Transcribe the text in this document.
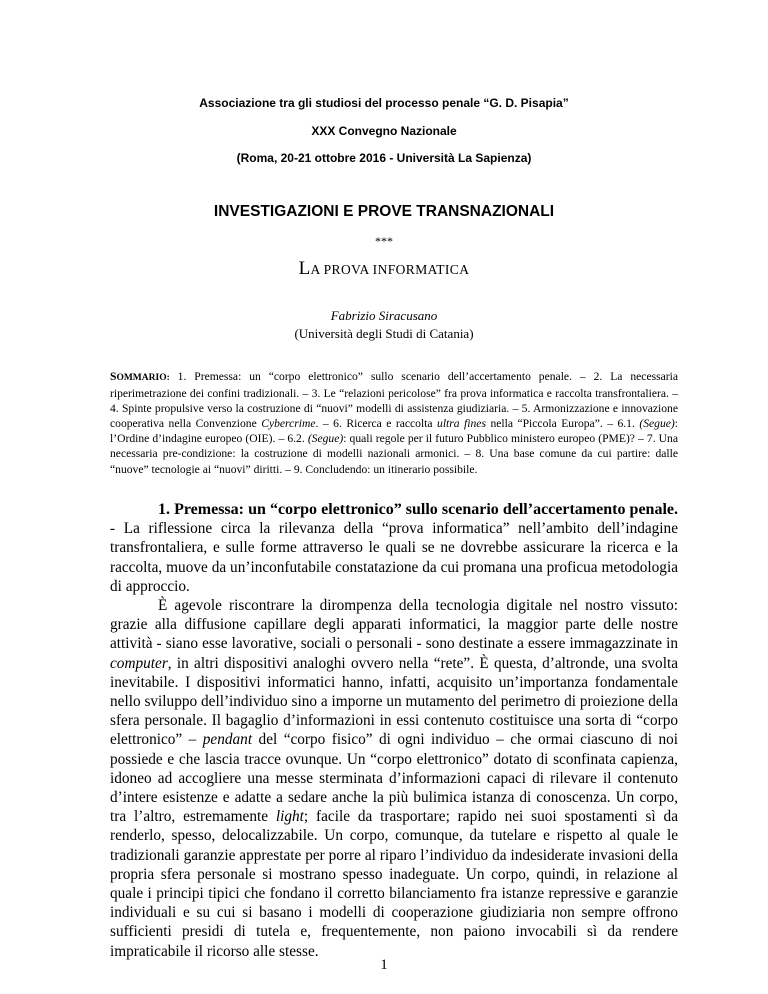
Associazione tra gli studiosi del processo penale “G. D. Pisapia”
XXX Convegno Nazionale
(Roma, 20-21 ottobre 2016 - Università La Sapienza)
INVESTIGAZIONI E PROVE TRANSNAZIONALI
***
LA PROVA INFORMATICA
Fabrizio Siracusano
(Università degli Studi di Catania)
SOMMARIO: 1. Premessa: un “corpo elettronico” sullo scenario dell’accertamento penale. – 2. La necessaria riperimetrazione dei confini tradizionali. – 3. Le “relazioni pericolose” fra prova informatica e raccolta transfrontaliera. – 4. Spinte propulsive verso la costruzione di “nuovi” modelli di assistenza giudiziaria. – 5. Armonizzazione e innovazione cooperativa nella Convenzione Cybercrime. – 6. Ricerca e raccolta ultra fines nella “Piccola Europa”. – 6.1. (Segue): l’Ordine d’indagine europeo (OIE). – 6.2. (Segue): quali regole per il futuro Pubblico ministero europeo (PME)? – 7. Una necessaria pre-condizione: la costruzione di modelli nazionali armonici. – 8. Una base comune da cui partire: dalle “nuove” tecnologie ai “nuovi” diritti. – 9. Concludendo: un itinerario possibile.

1. Premessa: un “corpo elettronico” sullo scenario dell’accertamento penale. - La riflessione circa la rilevanza della “prova informatica” nell’ambito dell’indagine transfrontaliera, e sulle forme attraverso le quali se ne dovrebbe assicurare la ricerca e la raccolta, muove da un’inconfutabile constatazione da cui promana una proficua metodologia di approccio.

È agevole riscontrare la dirompenza della tecnologia digitale nel nostro vissuto: grazie alla diffusione capillare degli apparati informatici, la maggior parte delle nostre attività - siano esse lavorative, sociali o personali - sono destinate a essere immagazzinate in computer, in altri dispositivi analoghi ovvero nella “rete”. È questa, d’altronde, una svolta inevitabile. I dispositivi informatici hanno, infatti, acquisito un’importanza fondamentale nello sviluppo dell’individuo sino a imporne un mutamento del perimetro di proiezione della sfera personale. Il bagaglio d’informazioni in essi contenuto costituisce una sorta di “corpo elettronico” – pendant del “corpo fisico” di ogni individuo – che ormai ciascuno di noi possiede e che lascia tracce ovunque. Un “corpo elettronico” dotato di sconfinata capienza, idoneo ad accogliere una messe sterminata d’informazioni capaci di rilevare il contenuto d’intere esistenze e adatte a sedare anche la più bulimica istanza di conoscenza. Un corpo, tra l’altro, estremamente light; facile da trasportare; rapido nei suoi spostamenti sì da renderlo, spesso, delocalizzabile. Un corpo, comunque, da tutelare e rispetto al quale le tradizionali garanzie apprestate per porre al riparo l’individuo da indesiderate invasioni della propria sfera personale si mostrano spesso inadeguate. Un corpo, quindi, in relazione al quale i principi tipici che fondano il corretto bilanciamento fra istanze repressive e garanzie individuali e su cui si basano i modelli di cooperazione giudiziaria non sempre offrono sufficienti presidi di tutela e, frequentemente, non paiono invocabili sì da rendere impraticabile il ricorso alle stesse.

1
